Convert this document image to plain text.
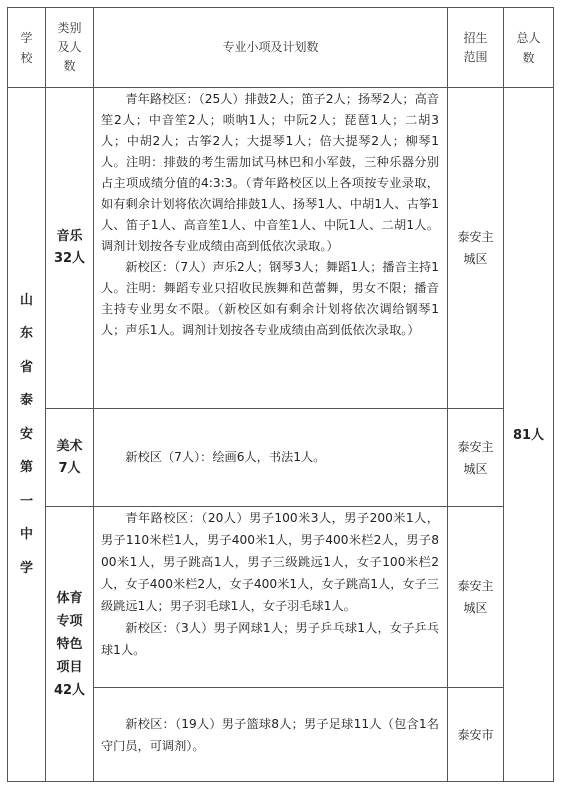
学校
类别及人数
专业小项及计划数
招生范围
总人数
山东省泰安第一中学
81人
音乐
32人

青年路校区：（25人）排鼓2人；笛子2人；扬琴2人；高音笙2人；中音笙2人；唢呐1人；中阮2人；琵琶1人；二胡3人；中胡2人；古筝2人；大提琴1人；倍大提琴2人；柳琴1人。注明：排鼓的考生需加试马林巴和小军鼓，三种乐器分别占主项成绩分值的4:3:3。（青年路校区以上各项按专业录取，如有剩余计划将依次调给排鼓1人、扬琴1人、中胡1人、古筝1人、笛子1人、高音笙1人、中音笙1人、中阮1人、二胡1人。调剂计划按各专业成绩由高到低依次录取。）

新校区：（7人）声乐2人；钢琴3人；舞蹈1人；播音主持1人。注明：舞蹈专业只招收民族舞和芭蕾舞，男女不限；播音主持专业男女不限。（新校区如有剩余计划将依次调给钢琴1人；声乐1人。调剂计划按各专业成绩由高到低依次录取。）

泰安主城区
美术
7人

新校区（7人）：绘画6人，书法1人。

泰安主城区
体育
专项
特色
项目
42人

青年路校区：（20人）男子100米3人，男子200米1人，男子110米栏1人，男子400米1人，男子400米栏2人，男子800米1人，男子跳高1人，男子三级跳远1人，女子100米栏2人，女子400米栏2人，女子400米1人，女子跳高1人，女子三级跳远1人；男子羽毛球1人，女子羽毛球1人。

新校区：（3人）男子网球1人；男子乒乓球1人，女子乒乓球1人。

泰安主城区

新校区：（19人）男子篮球8人；男子足球11人（包含1名守门员，可调剂）。

泰安市
